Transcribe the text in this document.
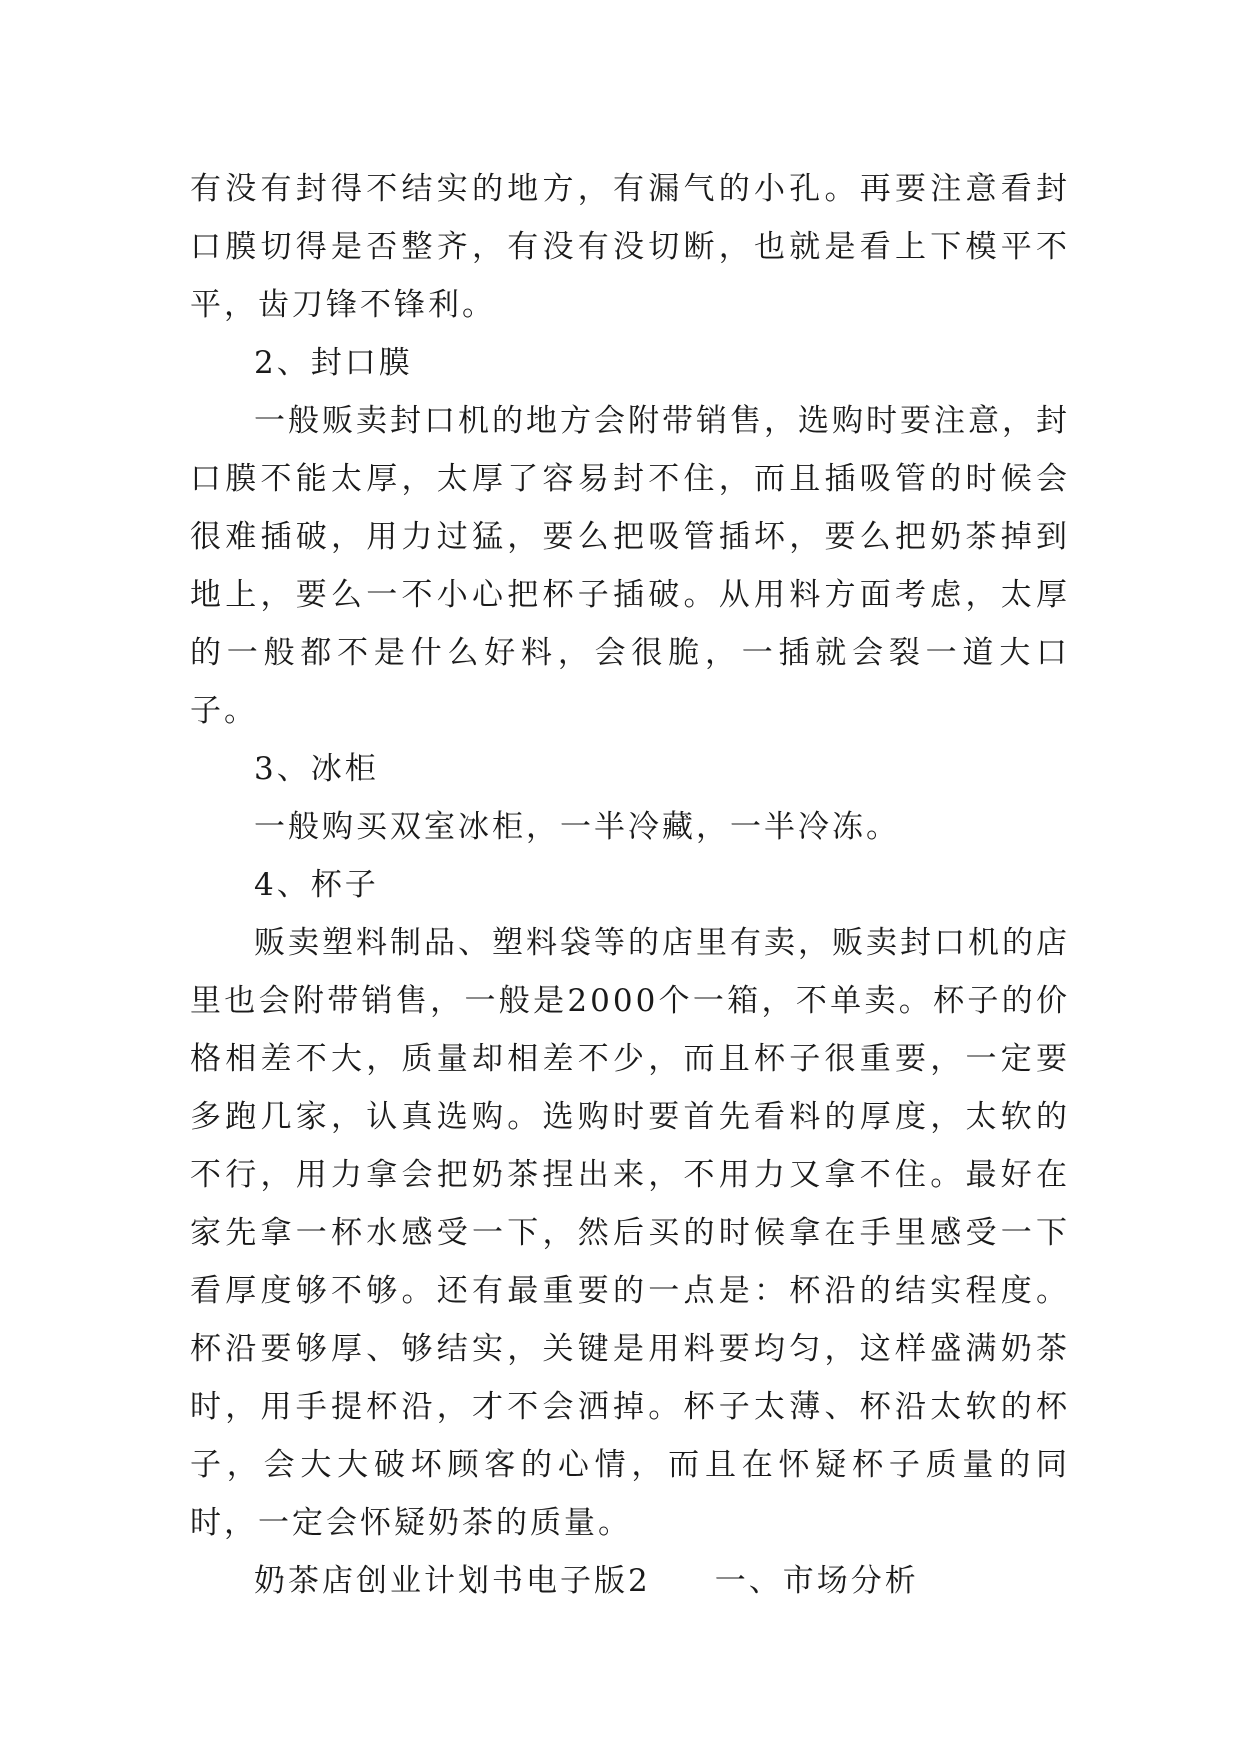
有没有封得不结实的地方，有漏气的小孔。再要注意看封口膜切得是否整齐，有没有没切断，也就是看上下模平不平，齿刀锋不锋利。

2、封口膜

一般贩卖封口机的地方会附带销售，选购时要注意，封口膜不能太厚，太厚了容易封不住，而且插吸管的时候会很难插破，用力过猛，要么把吸管插坏，要么把奶茶掉到地上，要么一不小心把杯子插破。从用料方面考虑，太厚的一般都不是什么好料，会很脆，一插就会裂一道大口子。

3、冰柜

一般购买双室冰柜，一半冷藏，一半冷冻。

4、杯子

贩卖塑料制品、塑料袋等的店里有卖，贩卖封口机的店里也会附带销售，一般是2000个一箱，不单卖。杯子的价格相差不大，质量却相差不少，而且杯子很重要，一定要多跑几家，认真选购。选购时要首先看料的厚度，太软的不行，用力拿会把奶茶捏出来，不用力又拿不住。最好在家先拿一杯水感受一下，然后买的时候拿在手里感受一下看厚度够不够。还有最重要的一点是：杯沿的结实程度。杯沿要够厚、够结实，关键是用料要均匀，这样盛满奶茶时，用手提杯沿，才不会洒掉。杯子太薄、杯沿太软的杯子，会大大破坏顾客的心情，而且在怀疑杯子质量的同时，一定会怀疑奶茶的质量。

奶茶店创业计划书电子版2 一、市场分析
